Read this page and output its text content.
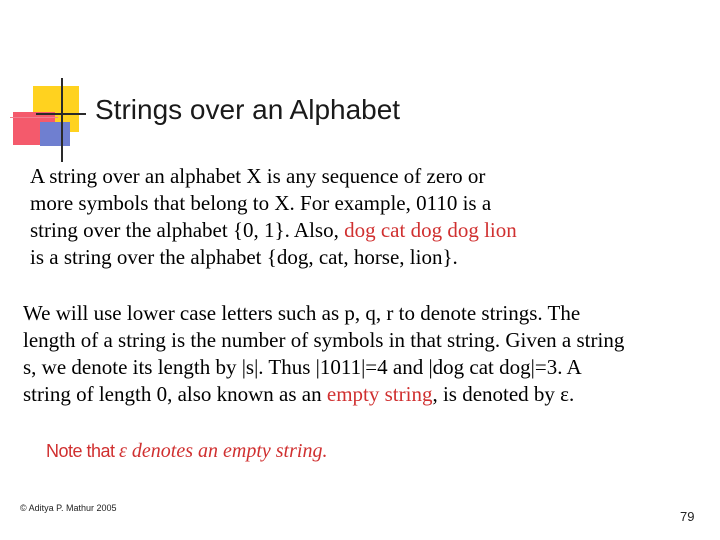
Strings over an Alphabet
A string over an alphabet X is any sequence of zero or
more symbols that belong to X. For example, 0110 is a
string over the alphabet {0, 1}. Also, dog cat dog dog lion
is a string over the alphabet {dog, cat, horse, lion}.
We will use lower case letters such as p, q, r to denote strings. The
length of a string is the number of symbols in that string. Given a string
s, we denote its length by |s|. Thus |1011|=4 and |dog cat dog|=3. A
string of length 0, also known as an empty string, is denoted by ε.
Note that ε denotes an empty string.
© Aditya P. Mathur 2005
79
